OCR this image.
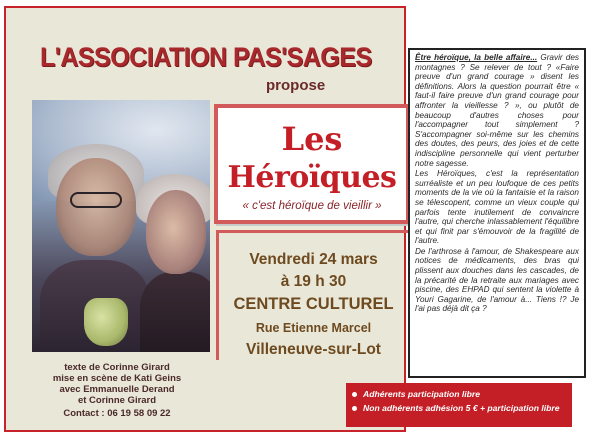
L'ASSOCIATION PAS'SAGES
propose
Les
Héroïques
« c'est héroïque de vieillir »
Vendredi 24 mars
à 19 h 30
CENTRE CULTUREL
Rue Etienne Marcel
Villeneuve-sur-Lot
texte de Corinne Girard
mise en scène de Kati Geins
avec Emmanuelle Derand
et Corinne Girard
Contact : 06 19 58 09 22

Être héroïque, la belle affaire... Gravir des montagnes ? Se relever de tout ? «Faire preuve d'un grand courage » disent les définitions. Alors la question pourrait être « faut-il faire preuve d'un grand courage pour affronter la vieillesse ? », ou plutôt de beaucoup d'autres choses pour l'accompagner tout simplement ? S'accompagner soi-même sur les chemins des doutes, des peurs, des joies et de cette indiscipline personnelle qui vient perturber notre sagesse.

Les Héroïques, c'est la représentation surréaliste et un peu loufoque de ces petits moments de la vie où la fantaisie et la raison se télescopent, comme un vieux couple qui parfois tente inutilement de convaincre l'autre, qui cherche inlassablement l'équilibre et qui finit par s'émouvoir de la fragilité de l'autre.

De l'arthrose à l'amour, de Shakespeare aux notices de médicaments, des bras qui plissent aux douches dans les cascades, de la précarité de la retraite aux mariages avec piscine, des EHPAD qui sentent la violette à Youri Gagarine, de l'amour à... Tiens !? Je l'ai pas déjà dit ça ?

Adhérents participation libre
Non adhérents adhésion 5 € + participation libre
